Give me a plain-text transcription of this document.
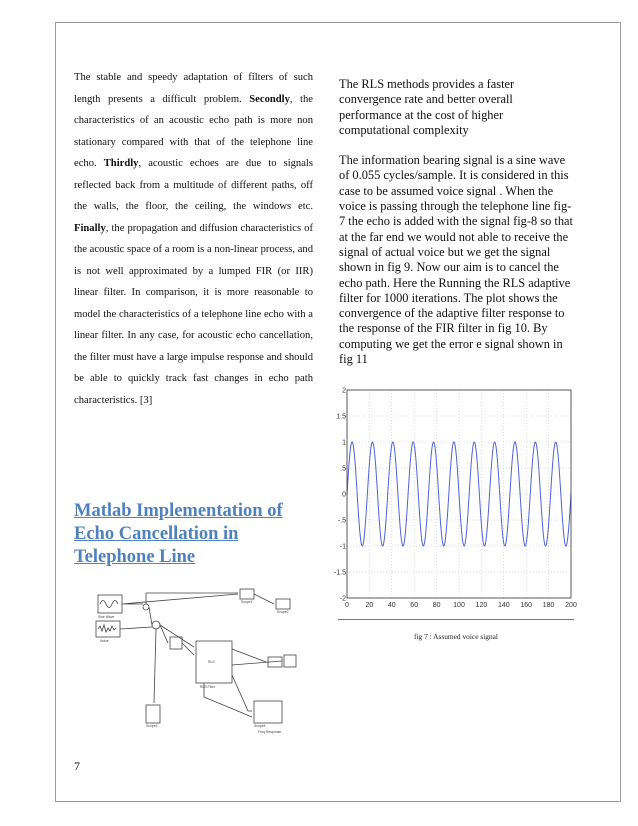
The stable and speedy adaptation of filters of such length presents a difficult problem. Secondly, the characteristics of an acoustic echo path is more non stationary compared with that of the telephone line echo. Thirdly, acoustic echoes are due to signals reflected back from a multitude of different paths, off the walls, the floor, the ceiling, the windows etc. Finally, the propagation and diffusion characteristics of the acoustic space of a room is a non-linear process, and is not well approximated by a lumped FIR (or IIR) linear filter. In comparison, it is more reasonable to model the characteristics of a telephone line echo with a linear filter. In any case, for acoustic echo cancellation, the filter must have a large impulse response and should be able to quickly track fast changes in echo path characteristics. [3]

Matlab Implementation of Echo Cancellation in Telephone Line
Sine Wave
Noise
Scope1
Scope2
RLS
RLS Filter
Scope3	Scope4
Freq Response

The RLS methods provides a faster convergence rate and better overall performance at the cost of higher computational complexity

The information bearing signal is a sine wave of 0.055 cycles/sample. It is considered in this case to be assumed voice signal . When the voice is passing through the telephone line fig-7 the echo is added with the signal fig-8 so that at the far end we would not able to receive the signal of actual voice but we get the signal shown in fig 9. Now our aim is to cancel the echo path. Here the Running the RLS adaptive filter for 1000 iterations. The plot shows the convergence of the adaptive filter response to the response of the FIR filter in fig 10. By computing we get the error e signal shown in fig 11

2
1.5
1
.5
0
-.5
-1
-1.5
-2
0 20 40 60 80 100 120 140 160 180 200
fig 7 : Assumed voice signal
7
